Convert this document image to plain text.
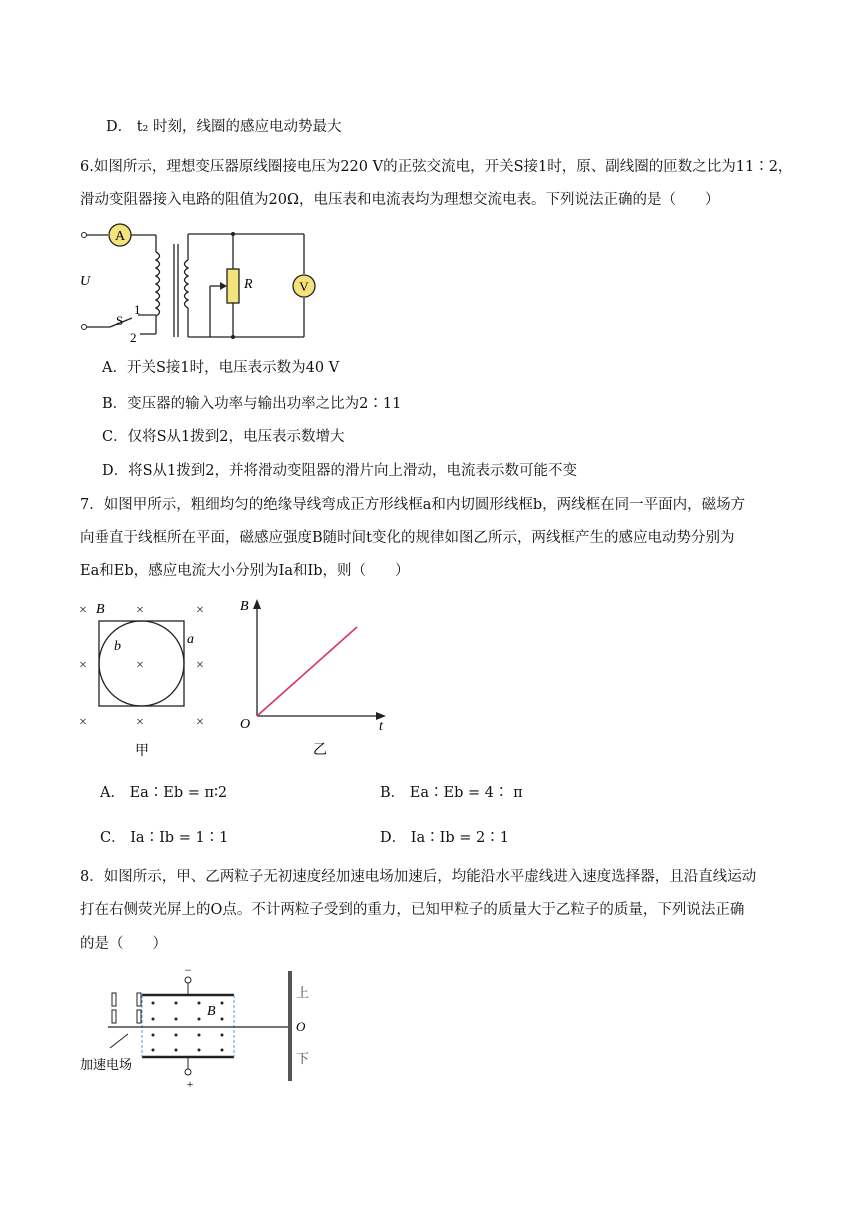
D． t₂ 时刻，线圈的感应电动势最大
6.如图所示，理想变压器原线圈接电压为220 V的正弦交流电，开关S接1时，原、副线圈的匝数之比为11∶2，
滑动变阻器接入电路的阻值为20Ω，电压表和电流表均为理想交流电表。下列说法正确的是（　　）
A
U
S
1
2
R	V
A．开关S接1时，电压表示数为40 V
B．变压器的输入功率与输出功率之比为2∶11
C．仅将S从1拨到2，电压表示数增大
D．将S从1拨到2，并将滑动变阻器的滑片向上滑动，电流表示数可能不变
7．如图甲所示，粗细均匀的绝缘导线弯成正方形线框a和内切圆形线框b，两线框在同一平面内，磁场方
向垂直于线框所在平面，磁感应强度B随时间t变化的规律如图乙所示，两线框产生的感应电动势分别为
Ea和Eb，感应电流大小分别为Ia和Ib，则（　　）
×	×	×
×	×	×
×	×	×
B
a
b
甲
B
t
O
乙
A． Ea∶Eb = π∶2	B． Ea∶Eb = 4∶ π
C． Ia∶Ib = 1∶1	D． Ia∶Ib = 2∶1
8．如图所示，甲、乙两粒子无初速度经加速电场加速后，均能沿水平虚线进入速度选择器，且沿直线运动
打在右侧荧光屏上的O点。不计两粒子受到的重力，已知甲粒子的质量大于乙粒子的质量，下列说法正确
的是（　　）
−
+
B
上
O
下
加速电场
